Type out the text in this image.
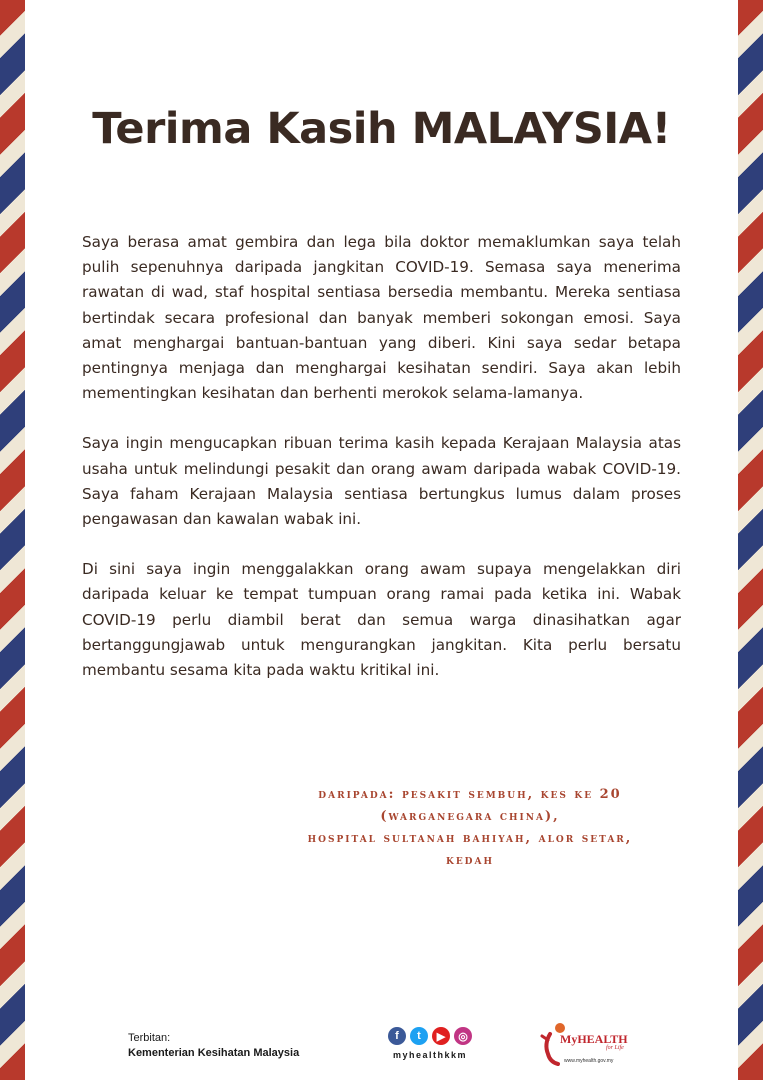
Terima Kasih MALAYSIA!

Saya berasa amat gembira dan lega bila doktor memaklumkan saya telah pulih sepenuhnya daripada jangkitan COVID-19. Semasa saya menerima rawatan di wad, staf hospital sentiasa bersedia membantu. Mereka sentiasa bertindak secara profesional dan banyak memberi sokongan emosi. Saya amat menghargai bantuan-bantuan yang diberi. Kini saya sedar betapa pentingnya menjaga dan menghargai kesihatan sendiri. Saya akan lebih mementingkan kesihatan dan berhenti merokok selama-lamanya.

Saya ingin mengucapkan ribuan terima kasih kepada Kerajaan Malaysia atas usaha untuk melindungi pesakit dan orang awam daripada wabak COVID-19. Saya faham Kerajaan Malaysia sentiasa bertungkus lumus dalam proses pengawasan dan kawalan wabak ini.

Di sini saya ingin menggalakkan orang awam supaya mengelakkan diri daripada keluar ke tempat tumpuan orang ramai pada ketika ini. Wabak COVID-19 perlu diambil berat dan semua warga dinasihatkan agar bertanggungjawab untuk mengurangkan jangkitan. Kita perlu bersatu membantu sesama kita pada waktu kritikal ini.

daripada: pesakit sembuh, kes ke 20
(warganegara china),
hospital sultanah bahiyah, alor setar,
kedah
Terbitan:
Kementerian Kesihatan Malaysia
f	t	▶	◎
myhealthkkm
MyHEALTH
for Life
www.myhealth.gov.my
